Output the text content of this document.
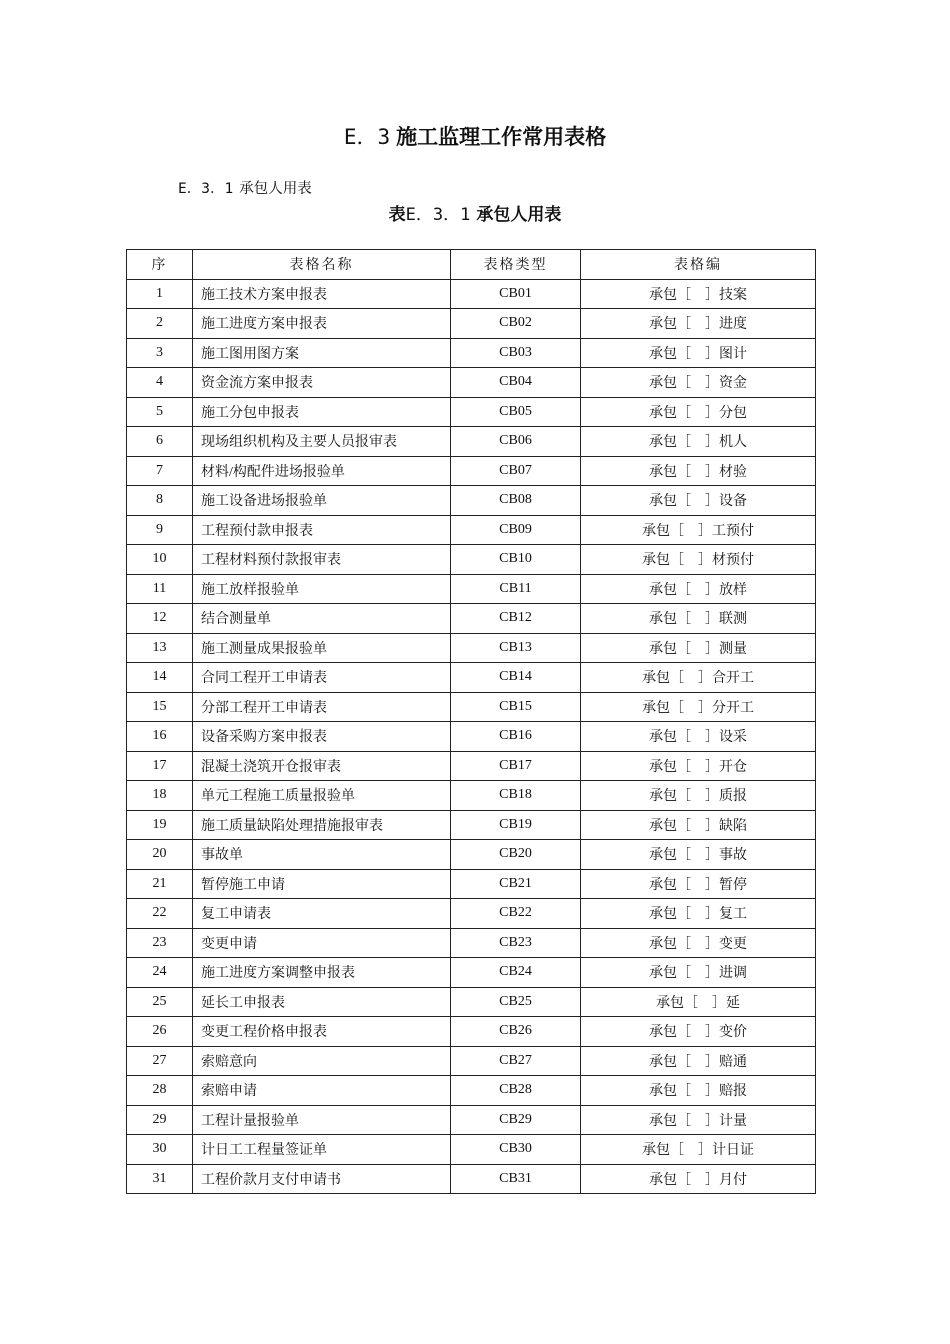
E．3 施工监理工作常用表格
E．3．1 承包人用表
表E．3．1 承包人用表
序	表格名称	表格类型	表格编
1	施工技术方案申报表	CB01	承包［　］技案
2	施工进度方案申报表	CB02	承包［　］进度
3	施工图用图方案	CB03	承包［　］图计
4	资金流方案申报表	CB04	承包［　］资金
5	施工分包申报表	CB05	承包［　］分包
6	现场组织机构及主要人员报审表	CB06	承包［　］机人
7	材料/构配件进场报验单	CB07	承包［　］材验
8	施工设备进场报验单	CB08	承包［　］设备
9	工程预付款申报表	CB09	承包［　］工预付
10	工程材料预付款报审表	CB10	承包［　］材预付
11	施工放样报验单	CB11	承包［　］放样
12	结合测量单	CB12	承包［　］联测
13	施工测量成果报验单	CB13	承包［　］测量
14	合同工程开工申请表	CB14	承包［　］合开工
15	分部工程开工申请表	CB15	承包［　］分开工
16	设备采购方案申报表	CB16	承包［　］设采
17	混凝土浇筑开仓报审表	CB17	承包［　］开仓
18	单元工程施工质量报验单	CB18	承包［　］质报
19	施工质量缺陷处理措施报审表	CB19	承包［　］缺陷
20	事故单	CB20	承包［　］事故
21	暂停施工申请	CB21	承包［　］暂停
22	复工申请表	CB22	承包［　］复工
23	变更申请	CB23	承包［　］变更
24	施工进度方案调整申报表	CB24	承包［　］进调
25	延长工申报表	CB25	承包［　］延
26	变更工程价格申报表	CB26	承包［　］变价
27	索赔意向	CB27	承包［　］赔通
28	索赔申请	CB28	承包［　］赔报
29	工程计量报验单	CB29	承包［　］计量
30	计日工工程量签证单	CB30	承包［　］计日证
31	工程价款月支付申请书	CB31	承包［　］月付
